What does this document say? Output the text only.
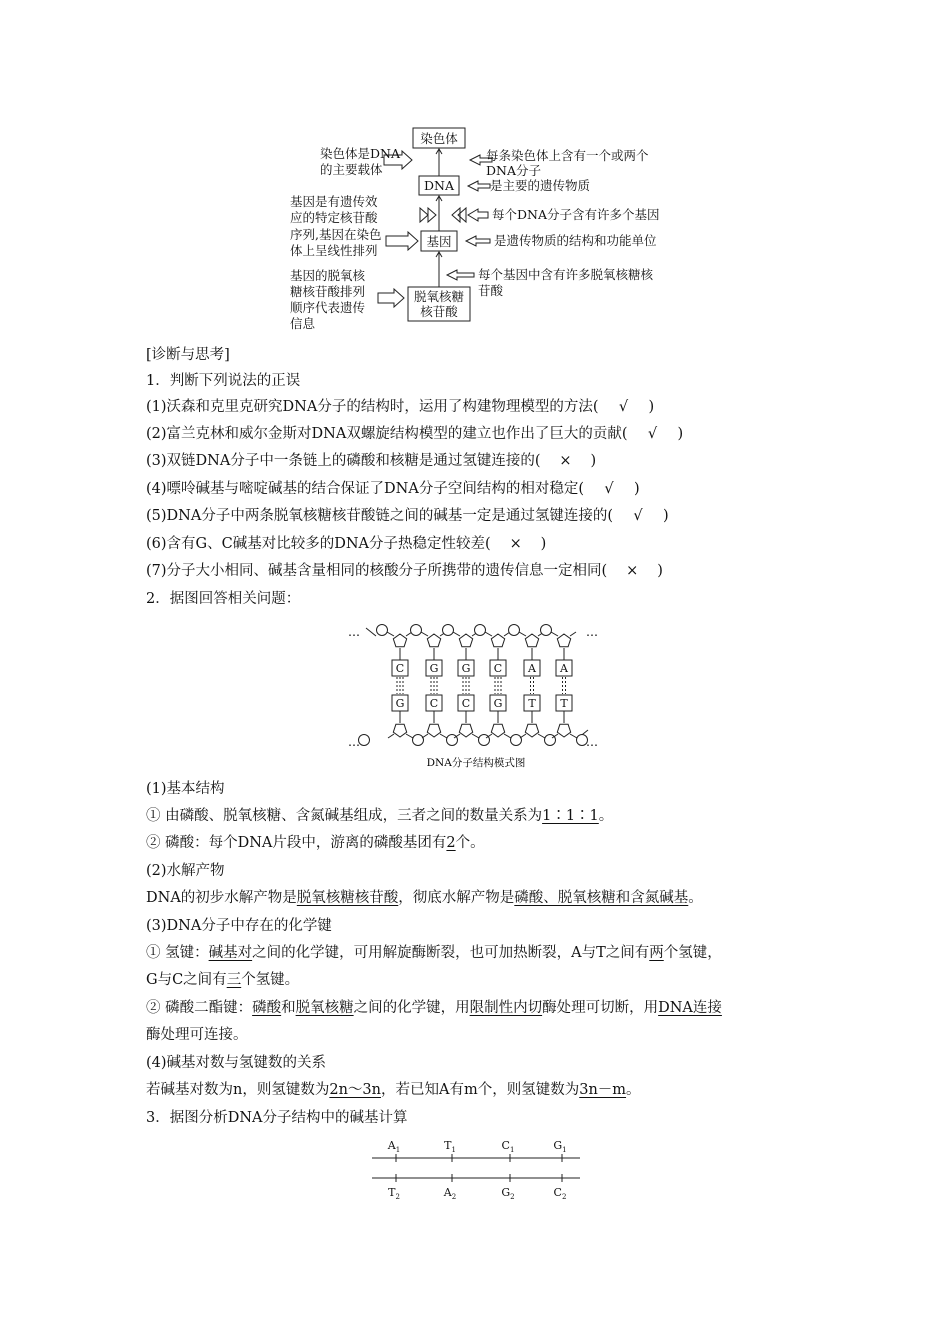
染色体
DNA
基因
脱氧核糖
核苷酸
染色体是DNA
的主要载体
基因是有遗传效
应的特定核苷酸
序列,基因在染色
体上呈线性排列
基因的脱氧核
糖核苷酸排列
顺序代表遗传
信息
每条染色体上含有一个或两个
DNA分子
是主要的遗传物质
每个DNA分子含有许多个基因
是遗传物质的结构和功能单位
每个基因中含有许多脱氧核糖核
苷酸
[诊断与思考]
1．判断下列说法的正误
(1)沃森和克里克研究DNA分子的结构时，运用了构建物理模型的方法( √ )
(2)富兰克林和威尔金斯对DNA双螺旋结构模型的建立也作出了巨大的贡献( √ )
(3)双链DNA分子中一条链上的磷酸和核糖是通过氢键连接的( × )
(4)嘌呤碱基与嘧啶碱基的结合保证了DNA分子空间结构的相对稳定( √ )
(5)DNA分子中两条脱氧核糖核苷酸链之间的碱基一定是通过氢键连接的( √ )
(6)含有G、C碱基对比较多的DNA分子热稳定性较差( × )
(7)分子大小相同、碱基含量相同的核酸分子所携带的遗传信息一定相同( × )
2．据图回答相关问题：
C
G
G
C
G
C
C
G
A
T
A
T
…	…
…	…
DNA分子结构模式图
(1)基本结构
① 由磷酸、脱氧核糖、含氮碱基组成，三者之间的数量关系为1∶1∶1。
② 磷酸：每个DNA片段中，游离的磷酸基团有2个。
(2)水解产物
DNA的初步水解产物是脱氧核糖核苷酸，彻底水解产物是磷酸、脱氧核糖和含氮碱基。
(3)DNA分子中存在的化学键
① 氢键：碱基对之间的化学键，可用解旋酶断裂，也可加热断裂，A与T之间有两个氢键，
G与C之间有三个氢键。
② 磷酸二酯键：磷酸和脱氧核糖之间的化学键，用限制性内切酶处理可切断，用DNA连接
酶处理可连接。
(4)碱基对数与氢键数的关系
若碱基对数为n，则氢键数为2n～3n，若已知A有m个，则氢键数为3n－m。
3．据图分析DNA分子结构中的碱基计算
$A_1$
$T_2$
$T_1$
$A_2$
$C_1$
$G_2$
$G_1$
$C_2$
